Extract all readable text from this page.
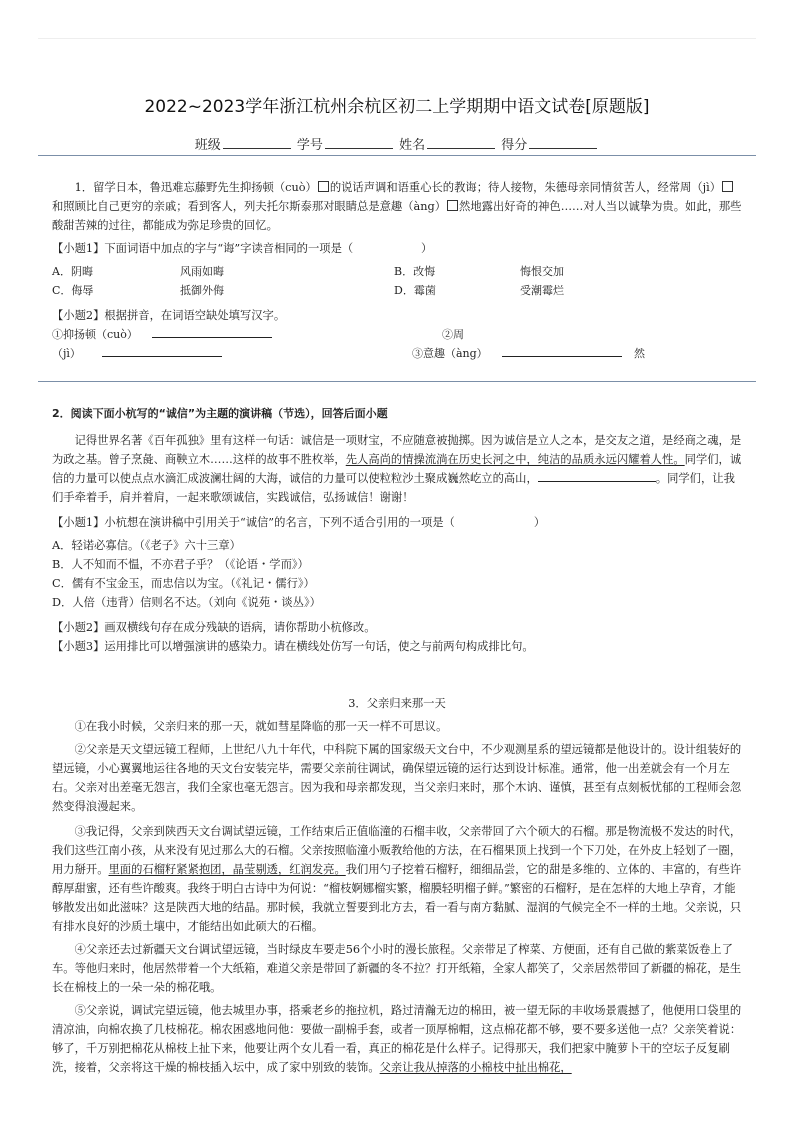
2022~2023学年浙江杭州余杭区初二上学期期中语文试卷[原题版]
班级	学号	姓名	得分

1．留学日本，鲁迅难忘藤野先生抑扬顿（cuò） 的说话声调和语重心长的教诲；待人接物，朱德母亲同情贫苦人，经常周（jì）和照顾比自己更穷的亲戚；看到客人，列夫托尔斯泰那对眼睛总是意趣（àng） 然地露出好奇的神色……对人当以诚挚为贵。如此，那些酸甜苦辣的过往，都能成为弥足珍贵的回忆。

【小题1】下面词语中加点的字与“诲”字读音相同的一项是（　　　　　　）

A．阴晦	风雨如晦	B．改悔	悔恨交加
C．侮辱	抵御外侮	D．霉菌	受潮霉烂

【小题2】根据拼音，在词语空缺处填写汉字。

①抑扬顿（cuò）	②周
（jì）	③意趣（àng）	然

2．阅读下面小杭写的“诚信”为主题的演讲稿（节选），回答后面小题

记得世界名著《百年孤独》里有这样一句话：诚信是一项财宝，不应随意被抛掷。因为诚信是立人之本，是交友之道，是经商之魂，是为政之基。曾子烹彘、商鞅立木……这样的故事不胜枚举，先人高尚的情操流淌在历史长河之中，纯洁的品质永远闪耀着人性。同学们，诚信的力量可以使点点水滴汇成波澜壮阔的大海，诚信的力量可以使粒粒沙土聚成巍然屹立的高山，	。同学们，让我们手牵着手，肩并着肩，一起来歌颂诚信，实践诚信，弘扬诚信！谢谢！

【小题1】小杭想在演讲稿中引用关于“诚信”的名言，下列不适合引用的一项是（　　　　　　　）

A．轻诺必寡信。（《老子》六十三章）

B．人不知而不愠，不亦君子乎？（《论语・学而》）

C．儒有不宝金玉，而忠信以为宝。（《礼记・儒行》）

D．人倍（违背）信则名不达。（刘向《说苑・谈丛》）

【小题2】画双横线句存在成分残缺的语病，请你帮助小杭修改。

【小题3】运用排比可以增强演讲的感染力。请在横线处仿写一句话，使之与前两句构成排比句。

3．父亲归来那一天

①在我小时候，父亲归来的那一天，就如彗星降临的那一天一样不可思议。

②父亲是天文望远镜工程师，上世纪八九十年代，中科院下属的国家级天文台中，不少观测星系的望远镜都是他设计的。设计组装好的望远镜，小心翼翼地运往各地的天文台安装完毕，需要父亲前往调试，确保望远镜的运行达到设计标准。通常，他一出差就会有一个月左右。父亲对出差毫无怨言，我们全家也毫无怨言。因为我和母亲都发现，当父亲归来时，那个木讷、谨慎，甚至有点刻板忧郁的工程师会忽然变得浪漫起来。

③我记得，父亲到陕西天文台调试望远镜，工作结束后正值临潼的石榴丰收，父亲带回了六个硕大的石榴。那是物流极不发达的时代，我们这些江南小孩，从来没有见过那么大的石榴。父亲按照临潼小贩教给他的方法，在石榴果顶上找到一个下刀处，在外皮上轻划了一圈，用力掰开。里面的石榴籽紧紧抱团，晶莹剔透，红润发亮。我们用勺子挖着石榴籽，细细品尝，它的甜是多维的、立体的、丰富的，有些许醇厚甜蜜，还有些许酸爽。我终于明白古诗中为何说：“榴枝婀娜榴实繁，榴膜轻明榴子鲜。”繁密的石榴籽，是在怎样的大地上孕育，才能够散发出如此滋味？这是陕西大地的结晶。那时候，我就立誓要到北方去，看一看与南方黏腻、湿润的气候完全不一样的土地。父亲说，只有排水良好的沙质土壤中，才能结出如此硕大的石榴。

④父亲还去过新疆天文台调试望远镜，当时绿皮车要走56个小时的漫长旅程。父亲带足了榨菜、方便面，还有自己做的紫菜饭卷上了车。等他归来时，他居然带着一个大纸箱，难道父亲是带回了新疆的冬不拉？打开纸箱，全家人都笑了，父亲居然带回了新疆的棉花，是生长在棉枝上的一朵一朵的棉花哦。

⑤父亲说，调试完望远镜，他去城里办事，搭乘老乡的拖拉机，路过清瀚无边的棉田，被一望无际的丰收场景震撼了，他便用口袋里的清凉油，向棉农换了几枝棉花。棉农困惑地问他：要做一副棉手套，或者一顶厚棉帽，这点棉花都不够，要不要多送他一点？父亲笑着说：够了，千万别把棉花从棉枝上扯下来，他要让两个女儿看一看，真正的棉花是什么样子。记得那天，我们把家中腌萝卜干的空坛子反复刷洗，接着，父亲将这干燥的棉枝插入坛中，成了家中别致的装饰。父亲让我从掉落的小棉枝中扯出棉花，
